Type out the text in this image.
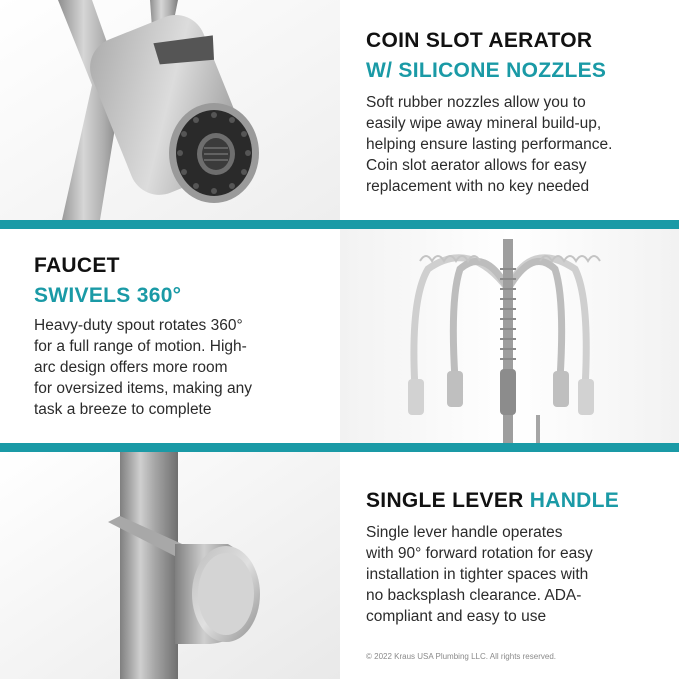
COIN SLOT AERATOR
W/ SILICONE NOZZLES

Soft rubber nozzles allow you to
easily wipe away mineral build-up,
helping ensure lasting performance.
Coin slot aerator allows for easy
replacement with no key needed

FAUCET
SWIVELS 360°

Heavy-duty spout rotates 360°
for a full range of motion. High-
arc design offers more room
for oversized items, making any
task a breeze to complete

SINGLE LEVER HANDLE

Single lever handle operates
with 90° forward rotation for easy
installation in tighter spaces with
no backsplash clearance. ADA-
compliant and easy to use

© 2022 Kraus USA Plumbing LLC. All rights reserved.
